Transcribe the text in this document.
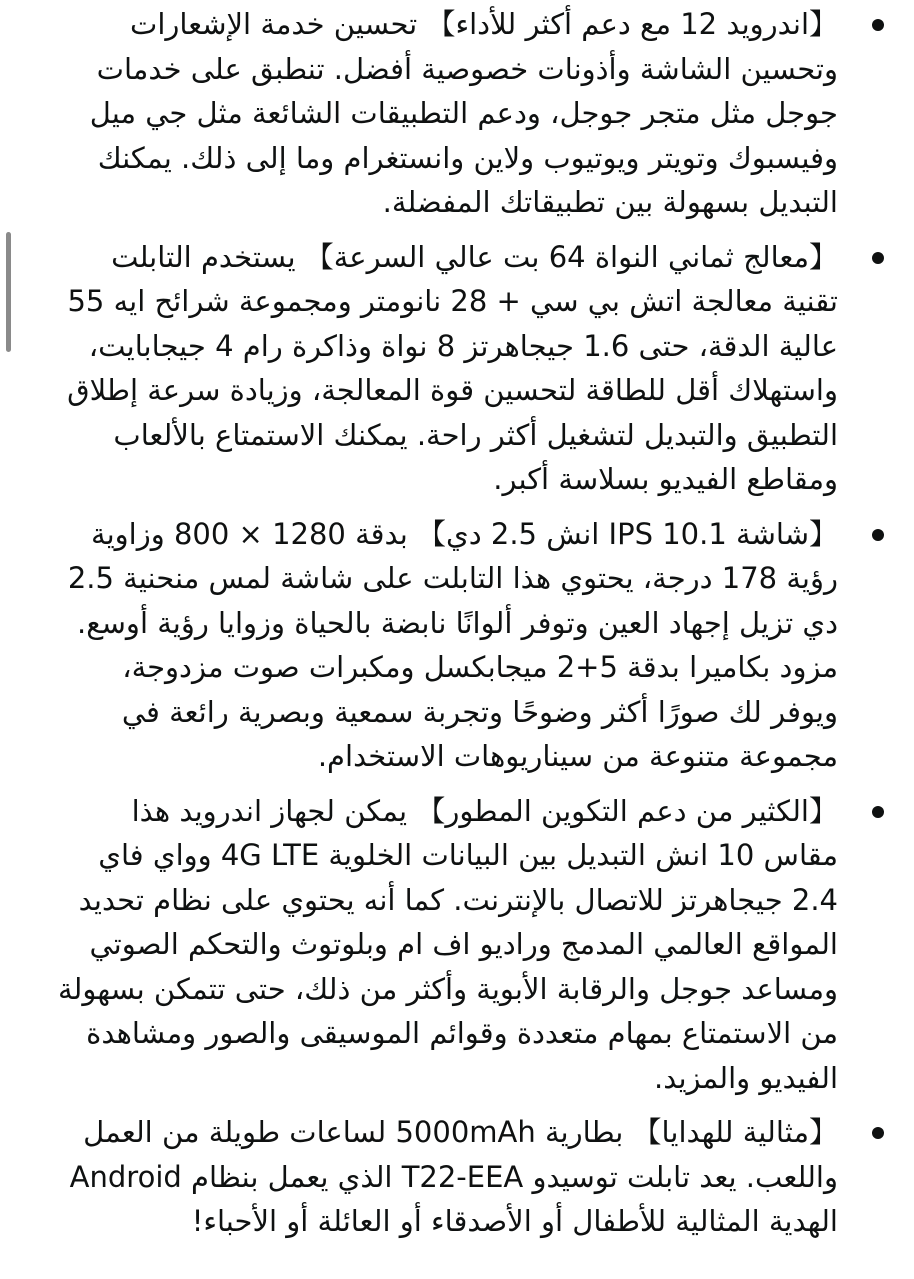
【اندرويد 12 مع دعم أكثر للأداء】 تحسين خدمة الإشعارات وتحسين الشاشة وأذونات خصوصية أفضل. تنطبق على خدمات جوجل مثل متجر جوجل، ودعم التطبيقات الشائعة مثل جي ميل وفيسبوك وتويتر ويوتيوب ولاين وانستغرام وما إلى ذلك. يمكنك التبديل بسهولة بين تطبيقاتك المفضلة.
【معالج ثماني النواة 64 بت عالي السرعة】 يستخدم التابلت تقنية معالجة اتش بي سي + 28 نانومتر ومجموعة شرائح ايه 55 عالية الدقة، حتى 1.6 جيجاهرتز 8 نواة وذاكرة رام 4 جيجابايت، واستهلاك أقل للطاقة لتحسين قوة المعالجة، وزيادة سرعة إطلاق التطبيق والتبديل لتشغيل أكثر راحة. يمكنك الاستمتاع بالألعاب ومقاطع الفيديو بسلاسة أكبر.
【شاشة IPS 10.1 انش 2.5 دي】 بدقة 1280 × 800 وزاوية رؤية 178 درجة، يحتوي هذا التابلت على شاشة لمس منحنية 2.5 دي تزيل إجهاد العين وتوفر ألوانًا نابضة بالحياة وزوايا رؤية أوسع. مزود بكاميرا بدقة 5+2 ميجابكسل ومكبرات صوت مزدوجة، ويوفر لك صورًا أكثر وضوحًا وتجربة سمعية وبصرية رائعة في مجموعة متنوعة من سيناريوهات الاستخدام.
【الكثير من دعم التكوين المطور】 يمكن لجهاز اندرويد هذا مقاس 10 انش التبديل بين البيانات الخلوية 4G LTE وواي فاي 2.4 جيجاهرتز للاتصال بالإنترنت. كما أنه يحتوي على نظام تحديد المواقع العالمي المدمج وراديو اف ام وبلوتوث والتحكم الصوتي ومساعد جوجل والرقابة الأبوية وأكثر من ذلك، حتى تتمكن بسهولة من الاستمتاع بمهام متعددة وقوائم الموسيقى والصور ومشاهدة الفيديو والمزيد.
【مثالية للهدايا】 بطارية 5000mAh لساعات طويلة من العمل واللعب. يعد تابلت توسيدو T22-EEA الذي يعمل بنظام Android الهدية المثالية للأطفال أو الأصدقاء أو العائلة أو الأحباء!
